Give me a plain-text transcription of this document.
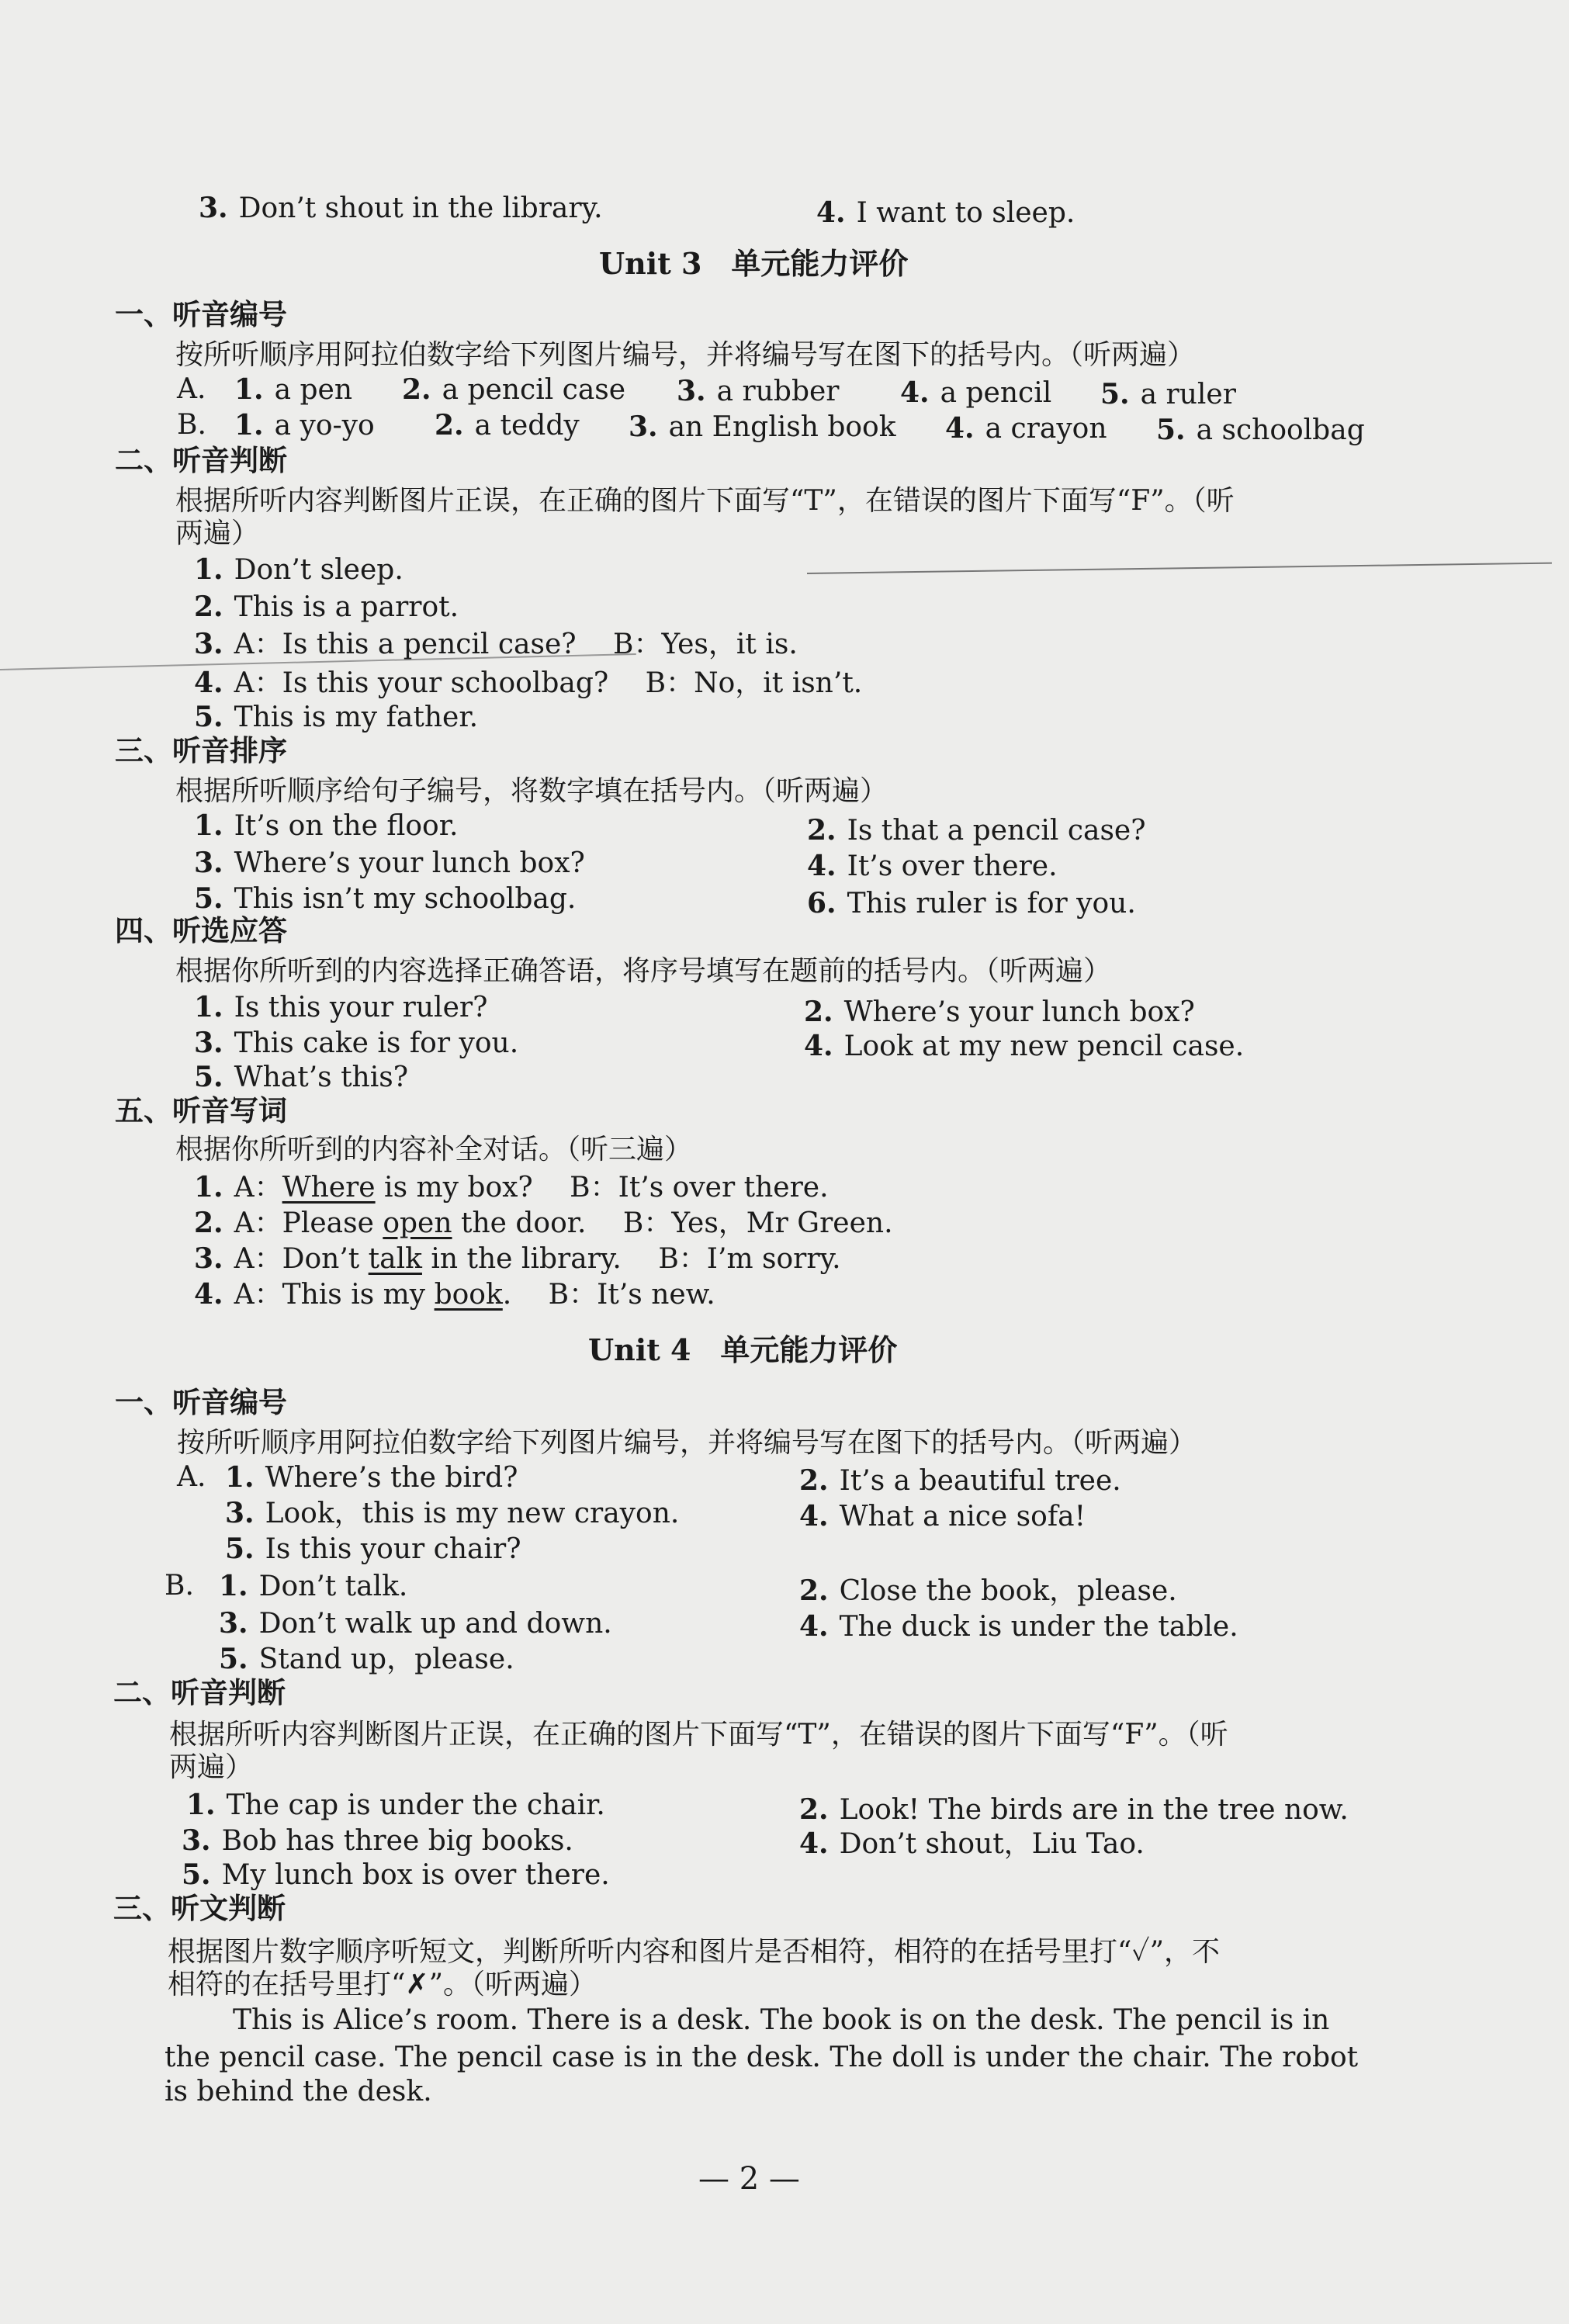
3. Don’t shout in the library.	4. I want to sleep.
Unit 3　单元能力评价
一、听音编号
按所听顺序用阿拉伯数字给下列图片编号，并将编号写在图下的括号内。（听两遍）
A. 1. a pen 2. a pencil case 3. a rubber 4. a pencil 5. a ruler
B. 1. a yo-yo 2. a teddy 3. an English book 4. a crayon 5. a schoolbag
二、听音判断
根据所听内容判断图片正误，在正确的图片下面写“T”，在错误的图片下面写“F”。（听
两遍）
1. Don’t sleep.
2. This is a parrot.
3. A：Is this a pencil case?　 B：Yes，it is.
4. A：Is this your schoolbag?　 B：No，it isn’t.
5. This is my father.
三、听音排序
根据所听顺序给句子编号，将数字填在括号内。（听两遍）
1. It’s on the floor.	2. Is that a pencil case?
3. Where’s your lunch box?	4. It’s over there.
5. This isn’t my schoolbag.	6. This ruler is for you.
四、听选应答
根据你所听到的内容选择正确答语，将序号填写在题前的括号内。（听两遍）
1. Is this your ruler?	2. Where’s your lunch box?
3. This cake is for you.	4. Look at my new pencil case.
5. What’s this?
五、听音写词
根据你所听到的内容补全对话。（听三遍）
1. A：Where is my box?　 B：It’s over there.
2. A：Please open the door.　 B：Yes，Mr Green.
3. A：Don’t talk in the library.　 B：I’m sorry.
4. A：This is my book.　 B：It’s new.
Unit 4　单元能力评价
一、听音编号
按所听顺序用阿拉伯数字给下列图片编号，并将编号写在图下的括号内。（听两遍）
A. 1. Where’s the bird?	2. It’s a beautiful tree.
3. Look，this is my new crayon.	4. What a nice sofa!
5. Is this your chair?
B. 1. Don’t talk.	2. Close the book，please.
3. Don’t walk up and down.	4. The duck is under the table.
5. Stand up，please.
二、听音判断
根据所听内容判断图片正误，在正确的图片下面写“T”，在错误的图片下面写“F”。（听
两遍）
1. The cap is under the chair.	2. Look! The birds are in the tree now.
3. Bob has three big books.	4. Don’t shout，Liu Tao.
5. My lunch box is over there.
三、听文判断
根据图片数字顺序听短文，判断所听内容和图片是否相符，相符的在括号里打“✓”，不
相符的在括号里打“✗”。（听两遍）
This is Alice’s room. There is a desk. The book is on the desk. The pencil is in
the pencil case. The pencil case is in the desk. The doll is under the chair. The robot
is behind the desk.
— 2 —
